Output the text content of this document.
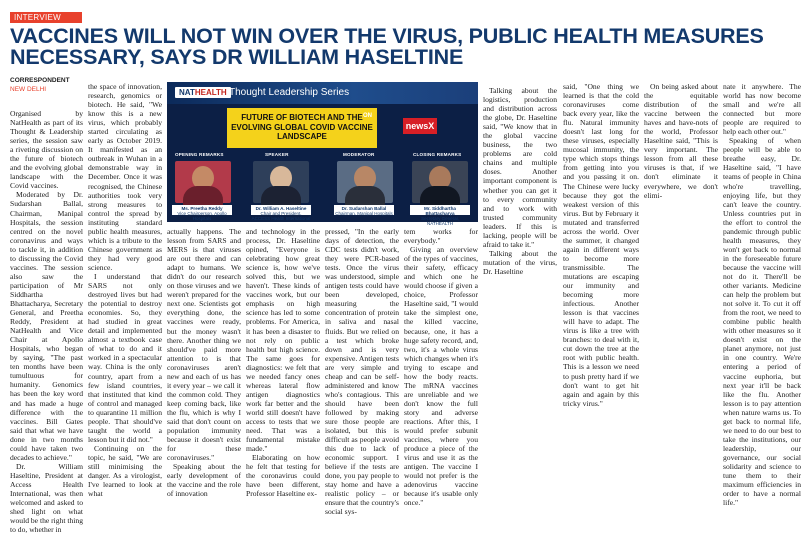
INTERVIEW
VACCINES WILL NOT WIN OVER THE VIRUS, PUBLIC HEALTH MEASURES NECESSARY, SAYS DR WILLIAM HASELTINE
CORRESPONDENT
NEW DELHI

Organised by NatHealth as part of its Thought & Leadership series, the session saw a riveting discussion on the future of biotech and the evolving global landscape with the Covid vaccines.

Moderated by Dr. Sudarshan Ballal, Chairman, Manipal Hospitals, the session centred on the novel coronavirus and ways to tackle it, in addition to discussing the Covid vaccines. The session also saw the participation of Mr Siddhartha Bhattacharya, Secretary General, and Preetha Reddy, President at NatHealth and Vice Chair at Apollo Hospitals, who began by saying, "The past ten months have been tumultuous for humanity. Genomics has been the key word and has made a huge difference with the vaccines. Bill Gates said that what we have done in two months could have taken two decades to achieve."

Dr. William Haseltine, President at Access Health International, was then welcomed and asked to shed light on what would be the right thing to do, whether in

the space of innovation, research, genomics or biotech. He said, "We know this is a new virus, which probably started circulating as early as October 2019. It manifested as an outbreak in Wuhan in a demonstrable way in December. Once it was recognised, the Chinese authorities took very strong measures to control the spread by instituting standard public health measures, which is a tribute to the Chinese government as they had very good science.

I understand that SARS not only destroyed lives but had the potential to destroy economies. So, they had studied in great detail and implemented almost a textbook case of what to do and it worked in a spectacular way. China is the only country, apart from a few island countries, that instituted that kind of control and managed to quarantine 11 million people. That should've taught the world a lesson but it did not."

Continuing on the topic, he said, "We are still minimising the danger. As a virologist, I've learned to look at what

NATHEALTH Thought Leadership Series
FUTURE OF BIOTECH AND THE EVOLVING GLOBAL COVID VACCINE LANDSCAPE
ON
newsX
OPENING REMARKS	SPEAKER	MODERATOR	CLOSING REMARKS
Ms. Preetha Reddy
Vice Chairperson, Apollo Hospitals
Dr. William A. Haseltine
Chair and President, ACCESS Health International
Dr. Sudarshan Ballal
Chairman, Manipal Hospitals
Mr. Siddhartha Bhattacharya
Secretary General, NATHEALTH

actually happens. The lesson from SARS and MERS is that viruses are out there and can adapt to humans. We didn't do our research on those viruses and we weren't prepared for the next one. Scientists got everything done, the vaccines were ready, but the money wasn't there. Another thing we should've paid more attention to is that coronaviruses aren't new and each of us has it every year – we call it the common cold. They keep coming back, like the flu, which is why I said that don't count on population immunity because it doesn't exist for these coronaviruses."

Speaking about the early development of the vaccine and the role of innovation

and technology in the process, Dr. Haseltine opined, "Everyone is celebrating how great science is, how we've solved this, but we haven't. These kinds of vaccines work, but our emphasis on high science has led to some problems. For America, it has been a disaster to not rely on public health but high science. The same goes for diagnostics: we felt that we needed fancy ones whereas lateral flow antigen diagnostics work far better and the world still doesn't have access to tests that we need. That was a fundamental mistake made."

Elaborating on how he felt that testing for the coronavirus could have been different, Professor Haseltine ex-

pressed, "In the early days of detection, the CDC tests didn't work, they were PCR-based tests. Once the virus was understood, simple antigen tests could have been developed, measuring the concentration of protein in saliva and nasal fluids. But we relied on a test which broke down and is very expensive. Antigen tests are very simple and cheap and can be self-administered and know who's contagious. This should have been followed by making sure those people are isolated, but this is difficult as people avoid this due to lack of economic support. I believe if the tests are done, you pay people to stay home and have a realistic policy – or ensure that the country's social sys-

tem works for everybody."

Giving an overview of the types of vaccines, their safety, efficacy and which one he would choose if given a choice, Professor Haseltine said, "I would take the simplest one, the killed vaccine, because, one, it has a huge safety record, and, two, it's a whole virus which changes when it's trying to escape and how the body reacts. The mRNA vaccines are unreliable and we don't know the full story and adverse reactions. After this, I would prefer subunit vaccines, where you produce a piece of the virus and use it as the antigen. The vaccine I would not prefer is the adenovirus vaccine because it's usable only once."

Talking about the logistics, production and distribution across the globe, Dr. Haseltine said, "We know that in the global vaccine business, the two problems are cold chains and multiple doses. Another important component is whether you can get it to every community and to work with trusted community leaders. If this is lacking, people will be afraid to take it."

Talking about the mutation of the virus, Dr. Haseltine

said, "One thing we learned is that the cold coronaviruses come back every year, like the flu. Natural immunity doesn't last long for these viruses, especially mucosal immunity, the type which stops things from getting into you and you passing it on. The Chinese were lucky because they got the weakest version of this virus. But by February it mutated and transferred across the world. Over the summer, it changed again in different ways to become more transmissible. The mutations are escaping our immunity and becoming more infectious. Another lesson is that vaccines will have to adapt. The virus is like a tree with branches: to deal with it, cut down the tree at the root with public health. This is a lesson we need to push pretty hard if we don't want to get hit again and again by this tricky virus."

On being asked about the equitable distribution of the vaccine between the haves and have-nots of the world, Professor Haseltine said, "This is very important. The lesson from all these viruses is that, if we don't eliminate it everywhere, we don't elimi-

nate it anywhere. The world has now become small and we're all connected but more people are required to help each other out."

Speaking of when people will be able to breathe easy, Dr. Haseltine said, "I have teams of people in China who're travelling, enjoying life, but they can't leave the country. Unless countries put in the effort to control the pandemic through public health measures, they won't get back to normal in the foreseeable future because the vaccine will not do it. There'll be other variants. Medicine can help the problem but not solve it. To cut it off from the root, we need to combine public health with other measures so it doesn't exist on the planet anymore, not just in one country. We're entering a period of vaccine euphoria, but next year it'll be back like the flu. Another lesson is to pay attention when nature warns us. To get back to normal life, we need to do our best to take the institutions, our leadership, our governance, our social solidarity and science to tune them to their maximum efficiencies in order to have a normal life."
